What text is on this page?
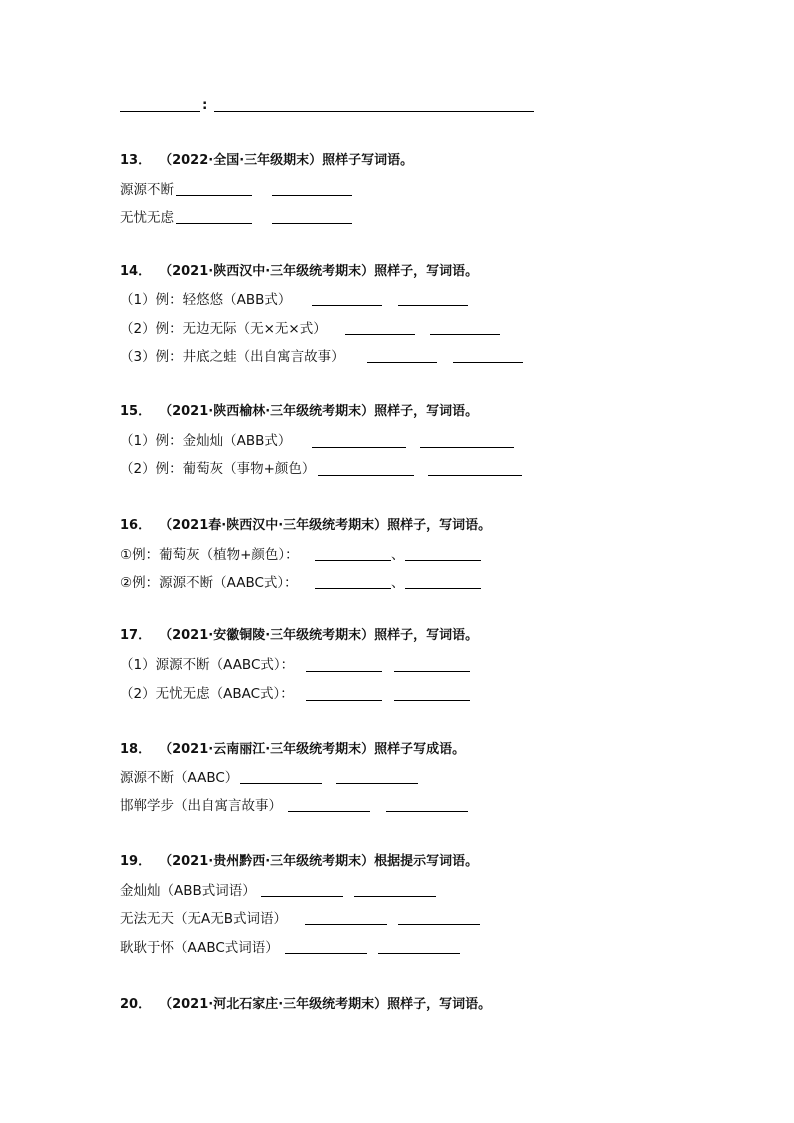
:
13． （2022·全国·三年级期末）照样子写词语。
源源不断
无忧无虑
14． （2021·陕西汉中·三年级统考期末）照样子，写词语。
（1）例：轻悠悠（ABB式）
（2）例：无边无际（无×无×式）
（3）例：井底之蛙（出自寓言故事）
15． （2021·陕西榆林·三年级统考期末）照样子，写词语。
（1）例：金灿灿（ABB式）
（2）例：葡萄灰（事物+颜色）
16． （2021春·陕西汉中·三年级统考期末）照样子，写词语。
①例：葡萄灰（植物+颜色）：	、
②例：源源不断（AABC式）：	、
17． （2021·安徽铜陵·三年级统考期末）照样子，写词语。
（1）源源不断（AABC式）：
（2）无忧无虑（ABAC式）：
18． （2021·云南丽江·三年级统考期末）照样子写成语。
源源不断（AABC）
邯郸学步（出自寓言故事）
19． （2021·贵州黔西·三年级统考期末）根据提示写词语。
金灿灿（ABB式词语）
无法无天（无A无B式词语）
耿耿于怀（AABC式词语）
20． （2021·河北石家庄·三年级统考期末）照样子，写词语。
